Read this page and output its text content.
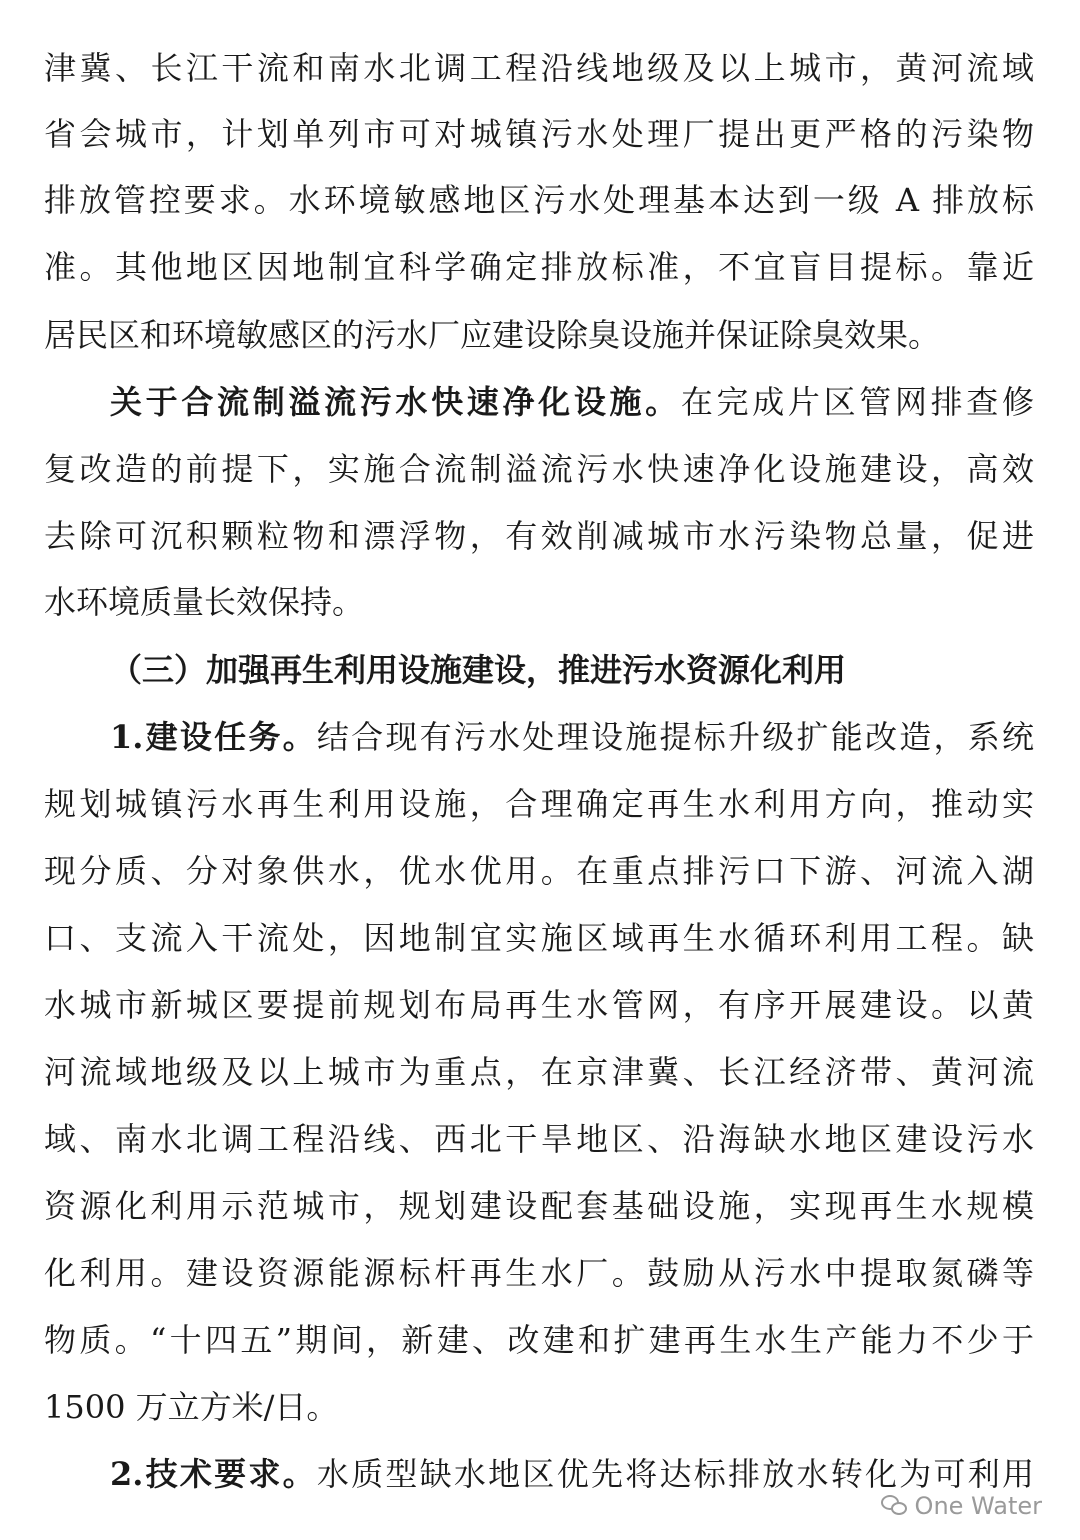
津冀、长江干流和南水北调工程沿线地级及以上城市，黄河流域
省会城市，计划单列市可对城镇污水处理厂提出更严格的污染物
排放管控要求。水环境敏感地区污水处理基本达到一级 A 排放标
准。其他地区因地制宜科学确定排放标准，不宜盲目提标。靠近
居民区和环境敏感区的污水厂应建设除臭设施并保证除臭效果。
关于合流制溢流污水快速净化设施。在完成片区管网排查修
复改造的前提下，实施合流制溢流污水快速净化设施建设，高效
去除可沉积颗粒物和漂浮物，有效削减城市水污染物总量，促进
水环境质量长效保持。
（三）加强再生利用设施建设，推进污水资源化利用
1.建设任务。结合现有污水处理设施提标升级扩能改造，系统
规划城镇污水再生利用设施，合理确定再生水利用方向，推动实
现分质、分对象供水，优水优用。在重点排污口下游、河流入湖
口、支流入干流处，因地制宜实施区域再生水循环利用工程。缺
水城市新城区要提前规划布局再生水管网，有序开展建设。以黄
河流域地级及以上城市为重点，在京津冀、长江经济带、黄河流
域、南水北调工程沿线、西北干旱地区、沿海缺水地区建设污水
资源化利用示范城市，规划建设配套基础设施，实现再生水规模
化利用。建设资源能源标杆再生水厂。鼓励从污水中提取氮磷等
物质。“十四五”期间，新建、改建和扩建再生水生产能力不少于
1500 万立方米/日。
2.技术要求。水质型缺水地区优先将达标排放水转化为可利用
One Water
